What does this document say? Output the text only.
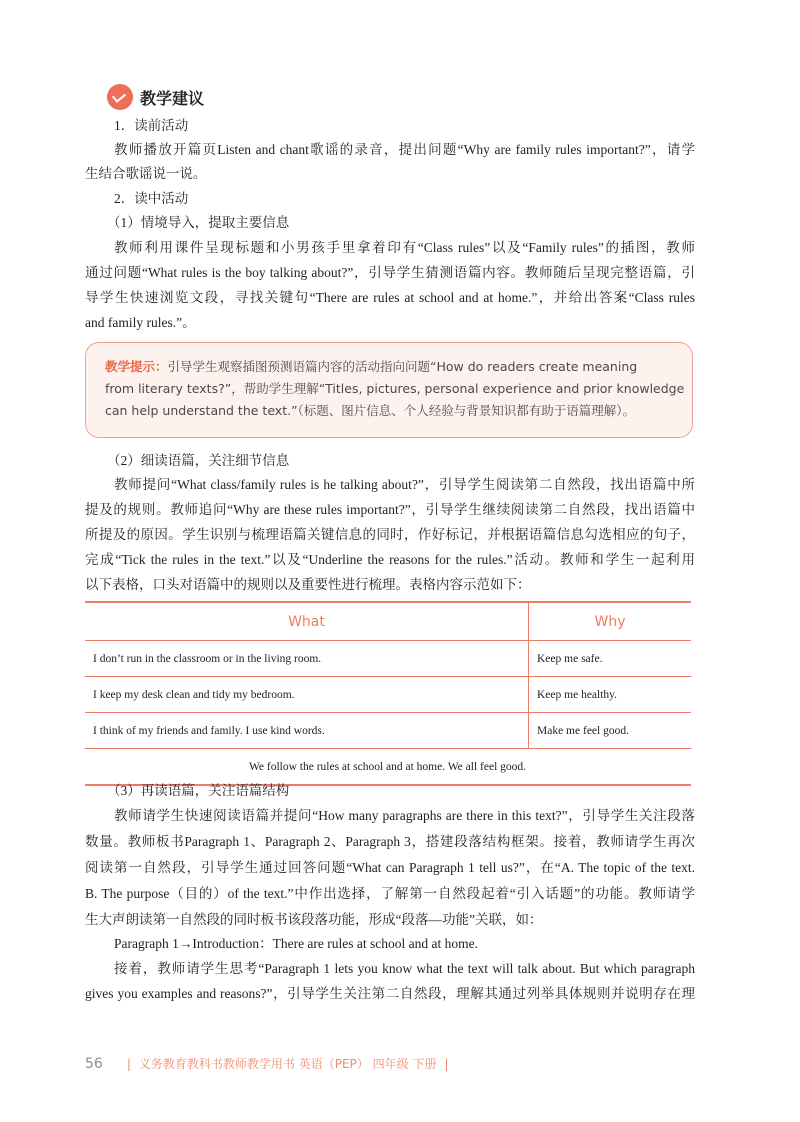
教学建议
1．读前活动
教师播放开篇页Listen and chant歌谣的录音，提出问题“Why are family rules important?”，请学
生结合歌谣说一说。
2．读中活动
（1）情境导入，提取主要信息
教师利用课件呈现标题和小男孩手里拿着印有“Class rules”以及“Family rules”的插图，教师
通过问题“What rules is the boy talking about?”，引导学生猜测语篇内容。教师随后呈现完整语篇，引
导学生快速浏览文段，寻找关键句“There are rules at school and at home.”，并给出答案“Class rules
and family rules.”。
教学提示：引导学生观察插图预测语篇内容的活动指向问题“How do readers create meaning
from literary texts?”，帮助学生理解“Titles, pictures, personal experience and prior knowledge
can help understand the text.”（标题、图片信息、个人经验与背景知识都有助于语篇理解）。
（2）细读语篇，关注细节信息
教师提问“What class/family rules is he talking about?”，引导学生阅读第二自然段，找出语篇中所
提及的规则。教师追问“Why are these rules important?”，引导学生继续阅读第二自然段，找出语篇中
所提及的原因。学生识别与梳理语篇关键信息的同时，作好标记，并根据语篇信息勾选相应的句子，
完成“Tick the rules in the text.”以及“Underline the reasons for the rules.”活动。教师和学生一起利用
以下表格，口头对语篇中的规则以及重要性进行梳理。表格内容示范如下：
What	Why
I don’t run in the classroom or in the living room.	Keep me safe.
I keep my desk clean and tidy my bedroom.	Keep me healthy.
I think of my friends and family. I use kind words.	Make me feel good.
We follow the rules at school and at home. We all feel good.	
（3）再读语篇，关注语篇结构
教师请学生快速阅读语篇并提问“How many paragraphs are there in this text?”，引导学生关注段落
数量。教师板书Paragraph 1、Paragraph 2、Paragraph 3，搭建段落结构框架。接着，教师请学生再次
阅读第一自然段，引导学生通过回答问题“What can Paragraph 1 tell us?”，在“A. The topic of the text.
B. The purpose（目的）of the text.”中作出选择，了解第一自然段起着“引入话题”的功能。教师请学
生大声朗读第一自然段的同时板书该段落功能，形成“段落—功能”关联，如：
Paragraph 1→Introduction：There are rules at school and at home.
接着，教师请学生思考“Paragraph 1 lets you know what the text will talk about. But which paragraph
gives you examples and reasons?”，引导学生关注第二自然段，理解其通过列举具体规则并说明存在理
56 | 义务教育教科书教师教学用书 英语（PEP） 四年级 下册 |
